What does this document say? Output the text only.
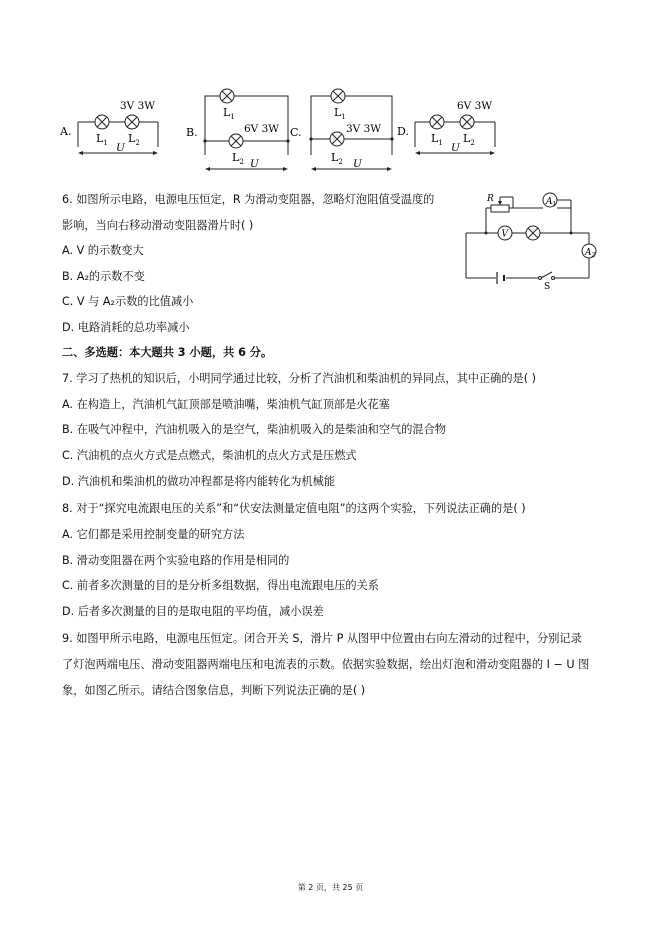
A.
3V 3W
$L_1$ $L_2$
U
B.
$L_1$
6V 3W
$L_2$ U
C.
$L_1$
3V 3W
$L_2$ U
D.
6V 3W
$L_1$ $L_2$
U
6. 如图所示电路，电源电压恒定，R 为滑动变阻器，忽略灯泡阻值受温度的
影响，当向右移动滑动变阻器滑片时( )
A. V 的示数变大
B. A₂的示数不变
C. V 与 A₂示数的比值减小
D. 电路消耗的总功率减小
S
$A_2$
R	$A_1$
V
二、多选题：本大题共 3 小题，共 6 分。
7. 学习了热机的知识后，小明同学通过比较，分析了汽油机和柴油机的异同点，其中正确的是( )
A. 在构造上，汽油机气缸顶部是喷油嘴，柴油机气缸顶部是火花塞
B. 在吸气冲程中，汽油机吸入的是空气，柴油机吸入的是柴油和空气的混合物
C. 汽油机的点火方式是点燃式，柴油机的点火方式是压燃式
D. 汽油机和柴油机的做功冲程都是将内能转化为机械能
8. 对于“探究电流跟电压的关系”和“伏安法测量定值电阻”的这两个实验，下列说法正确的是( )
A. 它们都是采用控制变量的研究方法
B. 滑动变阻器在两个实验电路的作用是相同的
C. 前者多次测量的目的是分析多组数据，得出电流跟电压的关系
D. 后者多次测量的目的是取电阻的平均值，减小误差
9. 如图甲所示电路，电源电压恒定。闭合开关 S，滑片 P 从图甲中位置由右向左滑动的过程中，分别记录
了灯泡两端电压、滑动变阻器两端电压和电流表的示数。依据实验数据，绘出灯泡和滑动变阻器的 I − U 图
象，如图乙所示。请结合图象信息，判断下列说法正确的是( )
第 2 页，共 25 页
